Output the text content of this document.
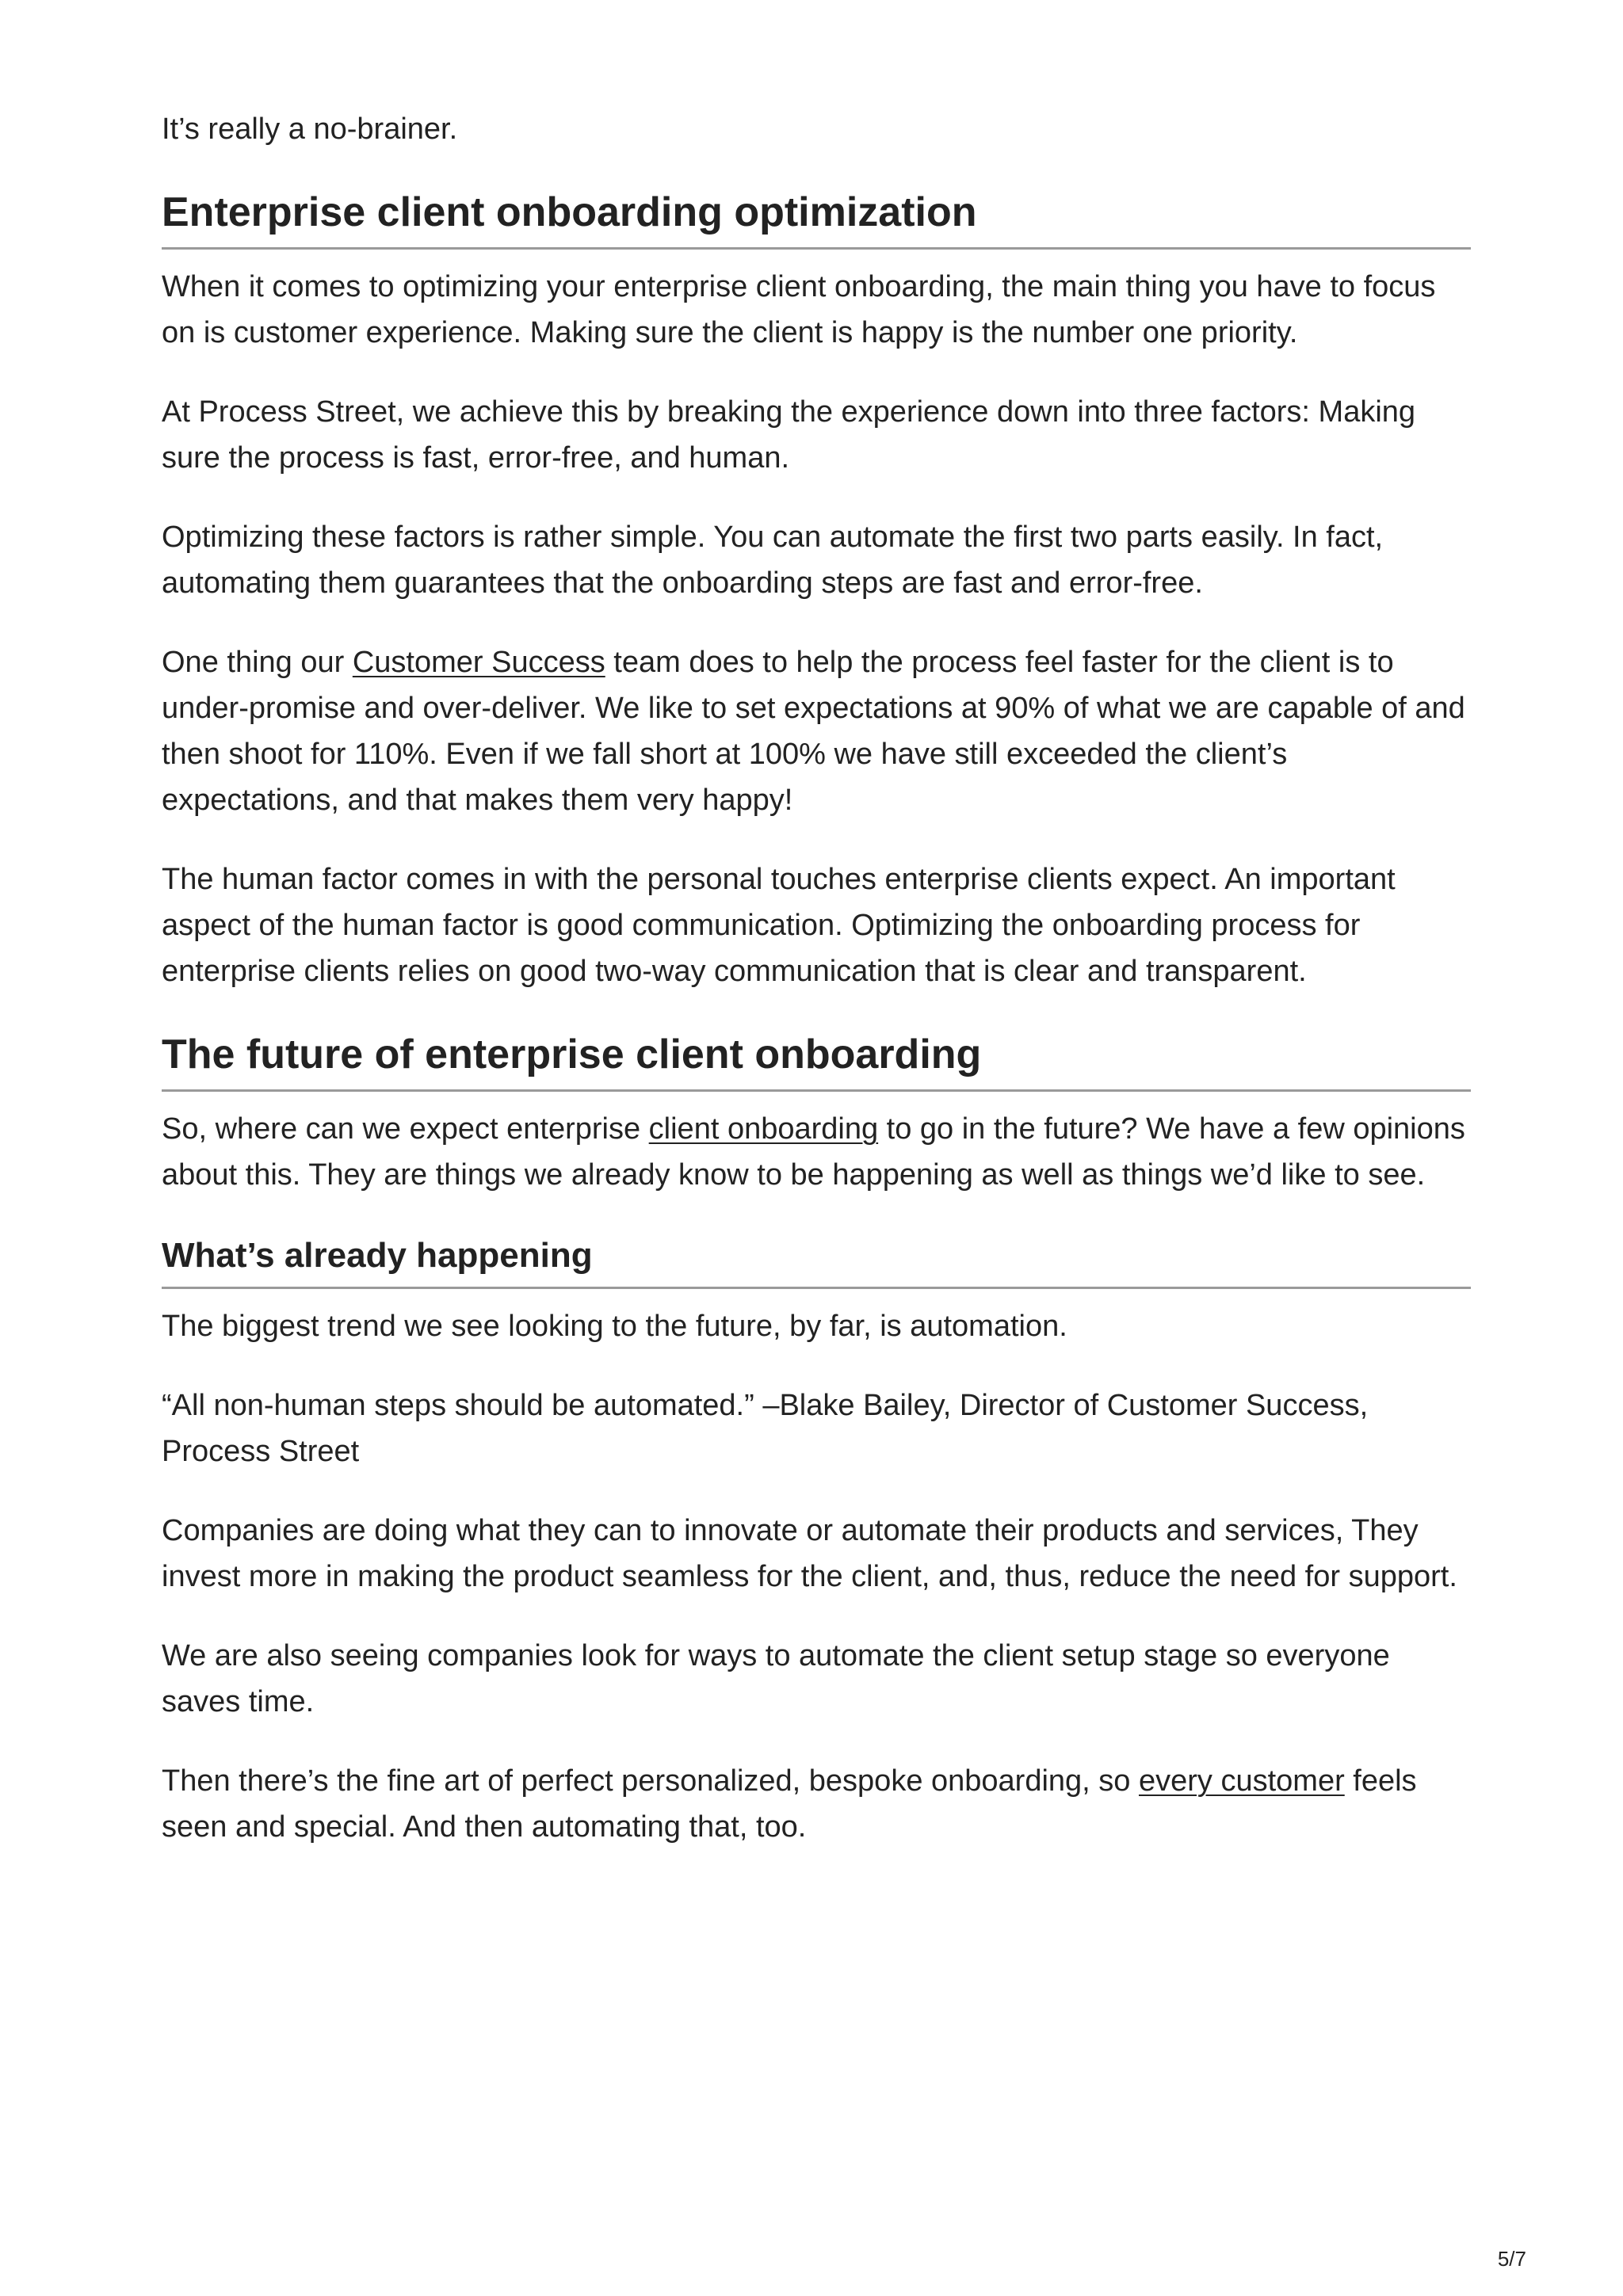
It’s really a no-brainer.

Enterprise client onboarding optimization

When it comes to optimizing your enterprise client onboarding, the main thing you have to focus on is customer experience. Making sure the client is happy is the number one priority.

At Process Street, we achieve this by breaking the experience down into three factors: Making sure the process is fast, error-free, and human.

Optimizing these factors is rather simple. You can automate the first two parts easily. In fact, automating them guarantees that the onboarding steps are fast and error-free.

One thing our Customer Success team does to help the process feel faster for the client is to under-promise and over-deliver. We like to set expectations at 90% of what we are capable of and then shoot for 110%. Even if we fall short at 100% we have still exceeded the client’s expectations, and that makes them very happy!

The human factor comes in with the personal touches enterprise clients expect. An important aspect of the human factor is good communication. Optimizing the onboarding process for enterprise clients relies on good two-way communication that is clear and transparent.

The future of enterprise client onboarding

So, where can we expect enterprise client onboarding to go in the future? We have a few opinions about this. They are things we already know to be happening as well as things we’d like to see.

What’s already happening

The biggest trend we see looking to the future, by far, is automation.

“All non-human steps should be automated.” –Blake Bailey, Director of Customer Success, Process Street

Companies are doing what they can to innovate or automate their products and services, They invest more in making the product seamless for the client, and, thus, reduce the need for support.

We are also seeing companies look for ways to automate the client setup stage so everyone saves time.

Then there’s the fine art of perfect personalized, bespoke onboarding, so every customer feels seen and special. And then automating that, too.

5/7
